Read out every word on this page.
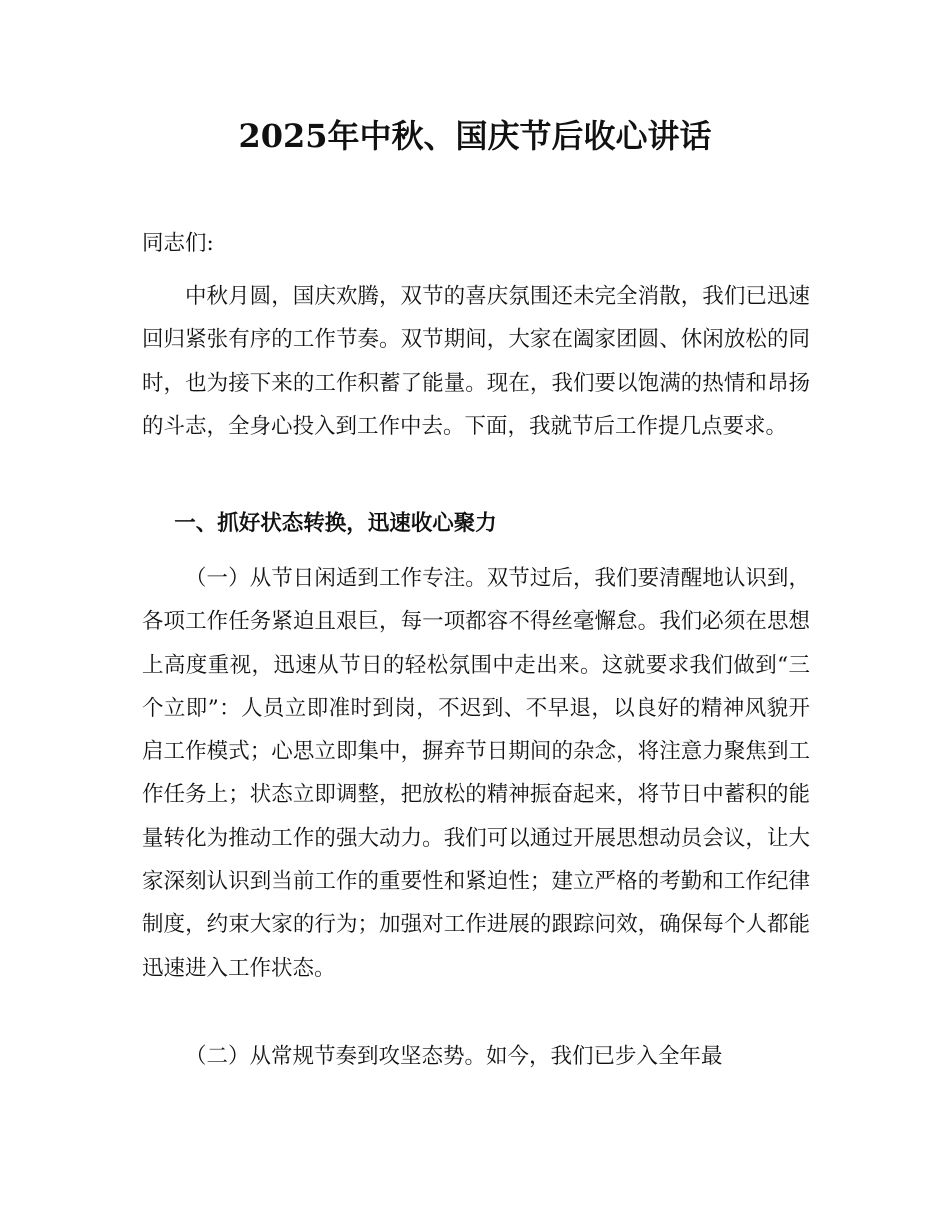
2025年中秋、国庆节后收心讲话
同志们:
中秋月圆，国庆欢腾，双节的喜庆氛围还未完全消散，我们已迅速回归紧张有序的工作节奏。双节期间，大家在阖家团圆、休闲放松的同时，也为接下来的工作积蓄了能量。现在，我们要以饱满的热情和昂扬的斗志，全身心投入到工作中去。下面，我就节后工作提几点要求。
一、抓好状态转换，迅速收心聚力
（一）从节日闲适到工作专注。双节过后，我们要清醒地认识到，各项工作任务紧迫且艰巨，每一项都容不得丝毫懈怠。我们必须在思想上高度重视，迅速从节日的轻松氛围中走出来。这就要求我们做到“三个立即”：人员立即准时到岗，不迟到、不早退，以良好的精神风貌开启工作模式；心思立即集中，摒弃节日期间的杂念，将注意力聚焦到工作任务上；状态立即调整，把放松的精神振奋起来，将节日中蓄积的能量转化为推动工作的强大动力。我们可以通过开展思想动员会议，让大家深刻认识到当前工作的重要性和紧迫性；建立严格的考勤和工作纪律制度，约束大家的行为；加强对工作进展的跟踪问效，确保每个人都能迅速进入工作状态。
（二）从常规节奏到攻坚态势。如今，我们已步入全年最
